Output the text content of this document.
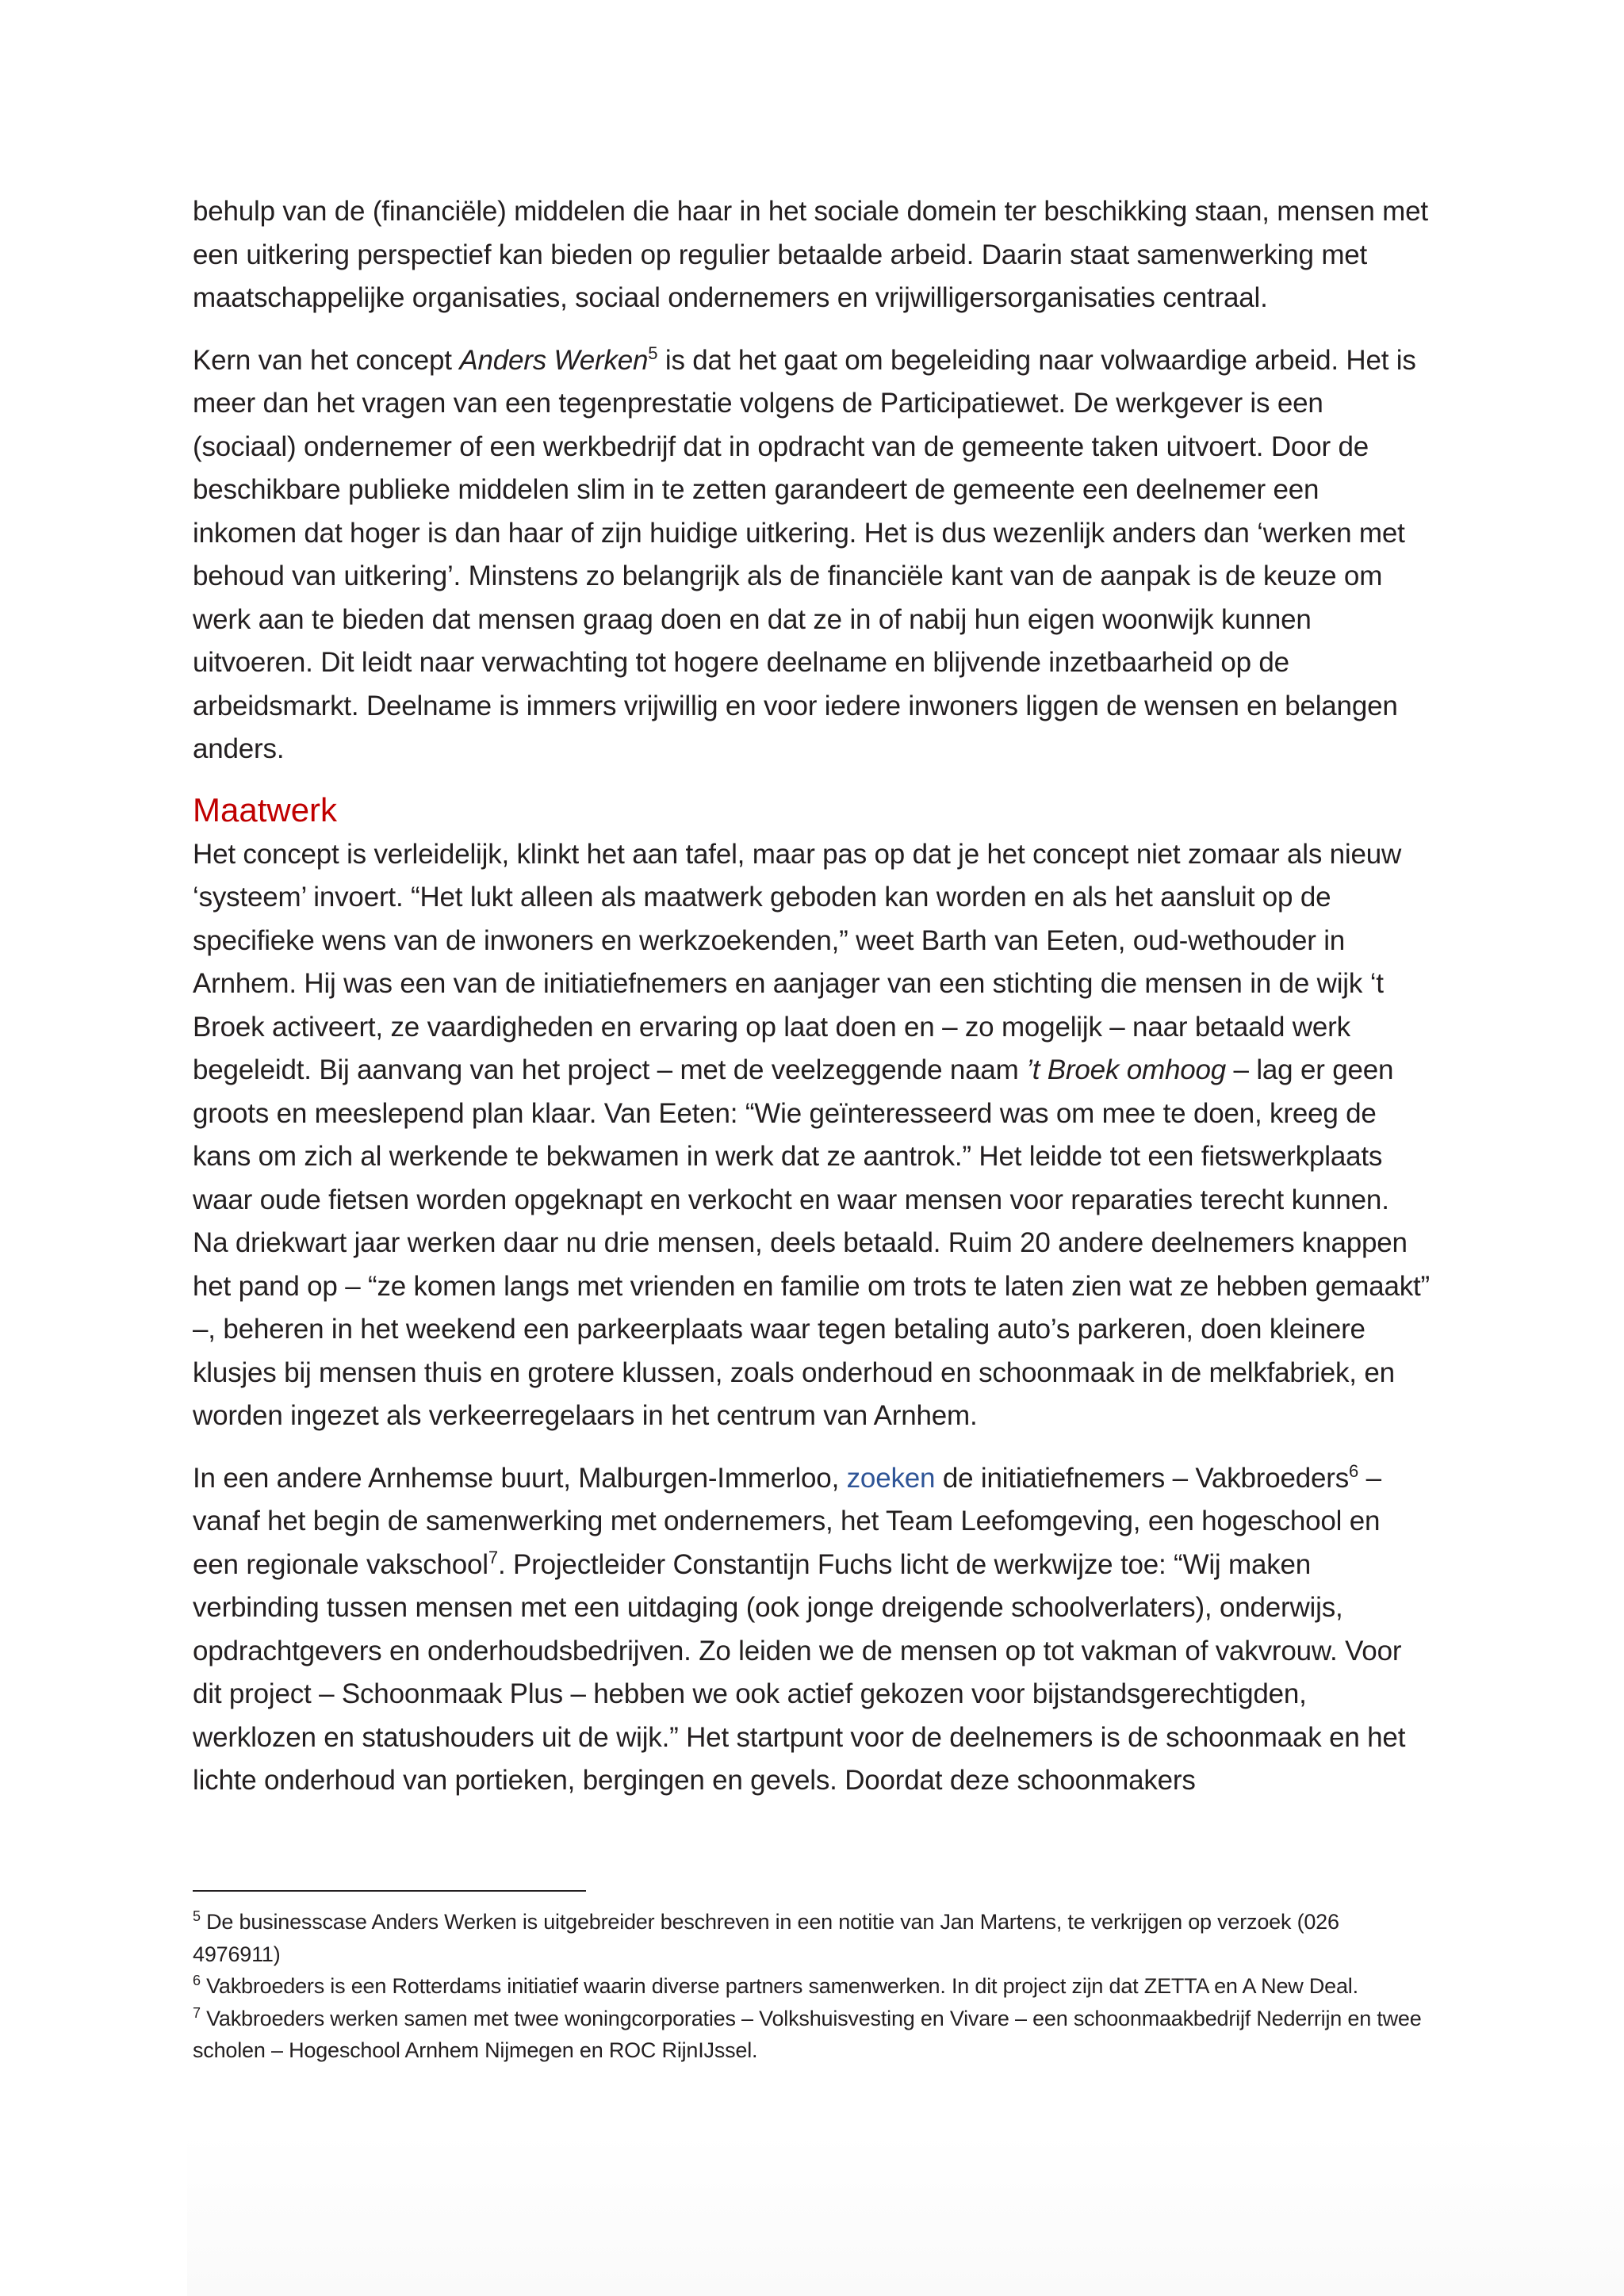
behulp van de (financiële) middelen die haar in het sociale domein ter beschikking staan, mensen met een uitkering perspectief kan bieden op regulier betaalde arbeid. Daarin staat samenwerking met maatschappelijke organisaties, sociaal ondernemers en vrijwilligersorganisaties centraal.

Kern van het concept Anders Werken$^5$ is dat het gaat om begeleiding naar volwaardige arbeid. Het is meer dan het vragen van een tegenprestatie volgens de Participatiewet. De werkgever is een (sociaal) ondernemer of een werkbedrijf dat in opdracht van de gemeente taken uitvoert. Door de beschikbare publieke middelen slim in te zetten garandeert de gemeente een deelnemer een inkomen dat hoger is dan haar of zijn huidige uitkering. Het is dus wezenlijk anders dan ‘werken met behoud van uitkering’. Minstens zo belangrijk als de financiële kant van de aanpak is de keuze om werk aan te bieden dat mensen graag doen en dat ze in of nabij hun eigen woonwijk kunnen uitvoeren. Dit leidt naar verwachting tot hogere deelname en blijvende inzetbaarheid op de arbeidsmarkt. Deelname is immers vrijwillig en voor iedere inwoners liggen de wensen en belangen anders.

Maatwerk

Het concept is verleidelijk, klinkt het aan tafel, maar pas op dat je het concept niet zomaar als nieuw ‘systeem’ invoert. “Het lukt alleen als maatwerk geboden kan worden en als het aansluit op de specifieke wens van de inwoners en werkzoekenden,” weet Barth van Eeten, oud-wethouder in Arnhem. Hij was een van de initiatiefnemers en aanjager van een stichting die mensen in de wijk ‘t Broek activeert, ze vaardigheden en ervaring op laat doen en – zo mogelijk – naar betaald werk begeleidt. Bij aanvang van het project – met de veelzeggende naam ’t Broek omhoog – lag er geen groots en meeslepend plan klaar. Van Eeten: “Wie geïnteresseerd was om mee te doen, kreeg de kans om zich al werkende te bekwamen in werk dat ze aantrok.” Het leidde tot een fietswerkplaats waar oude fietsen worden opgeknapt en verkocht en waar mensen voor reparaties terecht kunnen. Na driekwart jaar werken daar nu drie mensen, deels betaald. Ruim 20 andere deelnemers knappen het pand op – “ze komen langs met vrienden en familie om trots te laten zien wat ze hebben gemaakt” –, beheren in het weekend een parkeerplaats waar tegen betaling auto’s parkeren, doen kleinere klusjes bij mensen thuis en grotere klussen, zoals onderhoud en schoonmaak in de melkfabriek, en worden ingezet als verkeerregelaars in het centrum van Arnhem.

In een andere Arnhemse buurt, Malburgen-Immerloo, zoeken de initiatiefnemers – Vakbroeders$^6$ – vanaf het begin de samenwerking met ondernemers, het Team Leefomgeving, een hogeschool en een regionale vakschool$^7$. Projectleider Constantijn Fuchs licht de werkwijze toe: “Wij maken verbinding tussen mensen met een uitdaging (ook jonge dreigende schoolverlaters), onderwijs, opdrachtgevers en onderhoudsbedrijven. Zo leiden we de mensen op tot vakman of vakvrouw. Voor dit project – Schoonmaak Plus – hebben we ook actief gekozen voor bijstandsgerechtigden, werklozen en statushouders uit de wijk.” Het startpunt voor de deelnemers is de schoonmaak en het lichte onderhoud van portieken, bergingen en gevels. Doordat deze schoonmakers

$^5$ De businesscase Anders Werken is uitgebreider beschreven in een notitie van Jan Martens, te verkrijgen op verzoek (026 4976911)

$^6$ Vakbroeders is een Rotterdams initiatief waarin diverse partners samenwerken. In dit project zijn dat ZETTA en A New Deal.

$^7$ Vakbroeders werken samen met twee woningcorporaties – Volkshuisvesting en Vivare – een schoonmaakbedrijf Nederrijn en twee scholen – Hogeschool Arnhem Nijmegen en ROC RijnIJssel.
